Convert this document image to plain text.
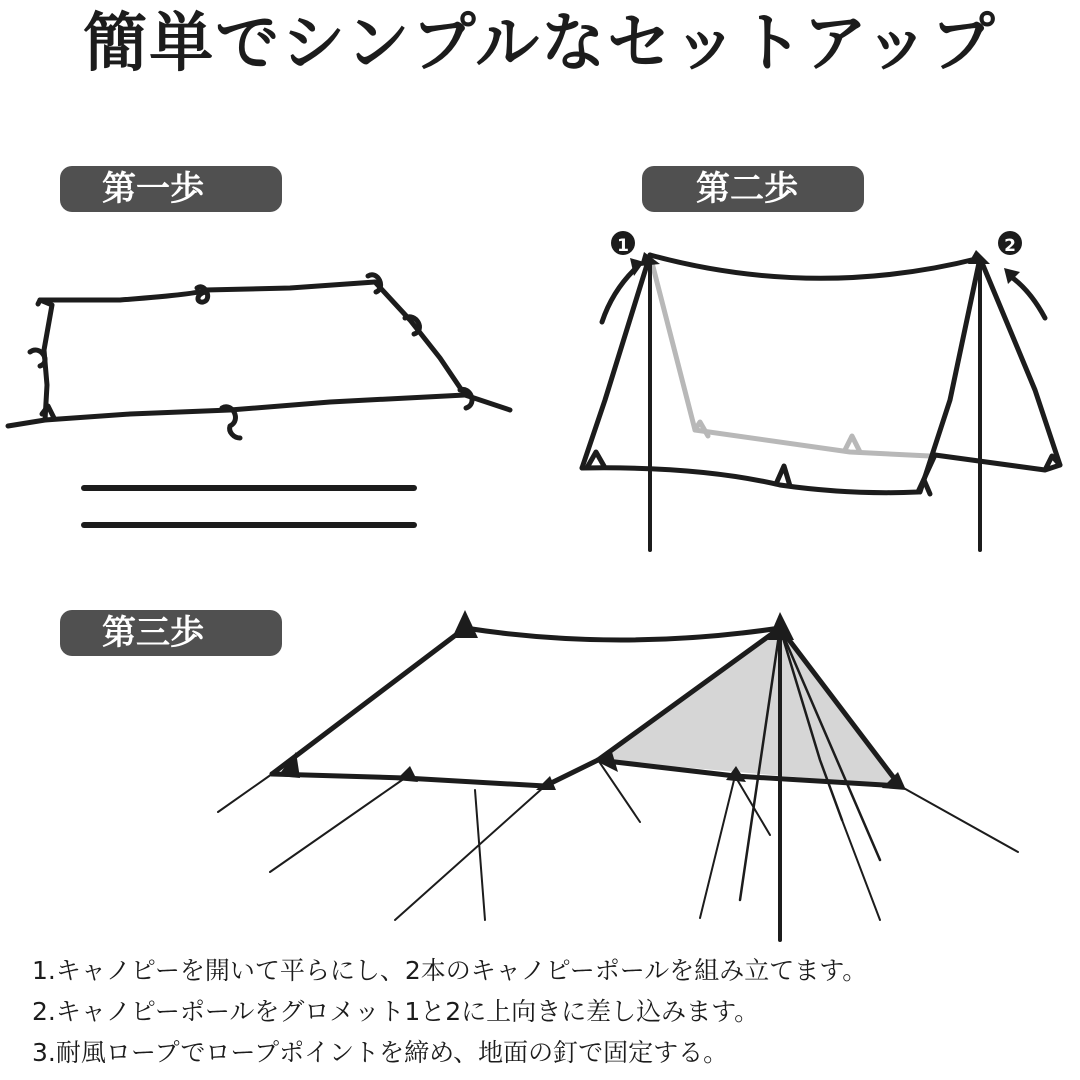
簡単でシンプルなセットアップ
第一歩	第二歩
第三歩
1	2
1.キャノピーを開いて平らにし、2本のキャノピーポールを組み立てます。
2.キャノピーポールをグロメット1と2に上向きに差し込みます。
3.耐風ロープでロープポイントを締め、地面の釘で固定する。
